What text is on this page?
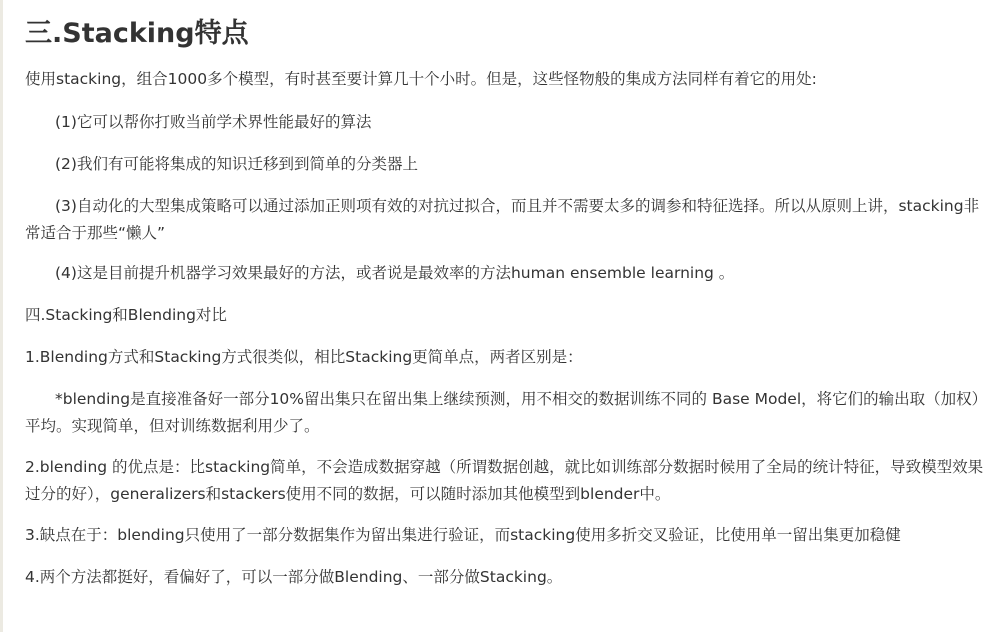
三.Stacking特点

使用stacking，组合1000多个模型，有时甚至要计算几十个小时。但是，这些怪物般的集成方法同样有着它的用处:

(1)它可以帮你打败当前学术界性能最好的算法

(2)我们有可能将集成的知识迁移到到简单的分类器上

(3)自动化的大型集成策略可以通过添加正则项有效的对抗过拟合，而且并不需要太多的调参和特征选择。所以从原则上讲，stacking非常适合于那些“懒人”

(4)这是目前提升机器学习效果最好的方法，或者说是最效率的方法human ensemble learning 。

四.Stacking和Blending对比

1.Blending方式和Stacking方式很类似，相比Stacking更简单点，两者区别是：

*blending是直接准备好一部分10%留出集只在留出集上继续预测，用不相交的数据训练不同的 Base Model，将它们的输出取（加权）平均。实现简单，但对训练数据利用少了。

2.blending 的优点是：比stacking简单，不会造成数据穿越（所谓数据创越，就比如训练部分数据时候用了全局的统计特征，导致模型效果过分的好），generalizers和stackers使用不同的数据，可以随时添加其他模型到blender中。

3.缺点在于：blending只使用了一部分数据集作为留出集进行验证，而stacking使用多折交叉验证，比使用单一留出集更加稳健

4.两个方法都挺好，看偏好了，可以一部分做Blending、一部分做Stacking。
